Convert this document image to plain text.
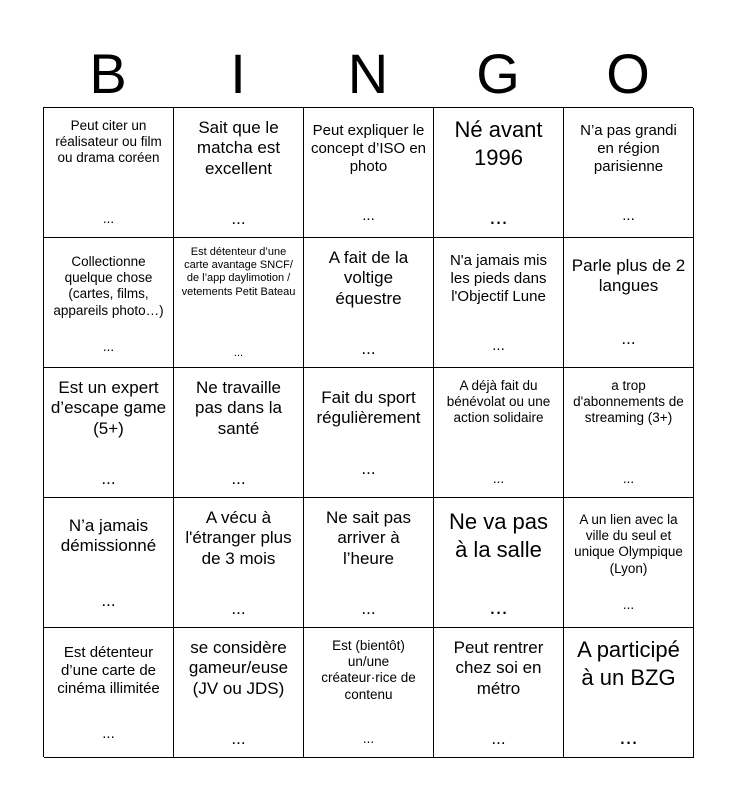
B	I	N	G	O
Peut citer un réalisateur ou film ou drama coréen
...
Sait que le matcha est excellent
...
Peut expliquer le concept d’ISO en photo
...
Né avant 1996
...
N’a pas grandi en région parisienne
...
Collectionne quelque chose (cartes, films, appareils photo…)
...
Est détenteur d’une carte avantage SNCF/ de l’app daylimotion / vetements Petit Bateau
...
A fait de la voltige équestre
...
N'a jamais mis les pieds dans l'Objectif Lune
...
Parle plus de 2 langues
...
Est un expert d’escape game (5+)
...
Ne travaille pas dans la santé
...
Fait du sport régulièrement
...
A déjà fait du bénévolat ou une action solidaire
...
a trop d'abonnements de streaming (3+)
...
N’a jamais démissionné
...
A vécu à l'étranger plus de 3 mois
...
Ne sait pas arriver à l’heure
...
Ne va pas à la salle
...
A un lien avec la ville du seul et unique Olympique (Lyon)
...
Est détenteur d’une carte de cinéma illimitée
...
se considère gameur/euse (JV ou JDS)
...
Est (bientôt) un/une créateur·rice de contenu
...
Peut rentrer chez soi en métro
...
A participé à un BZG
...
